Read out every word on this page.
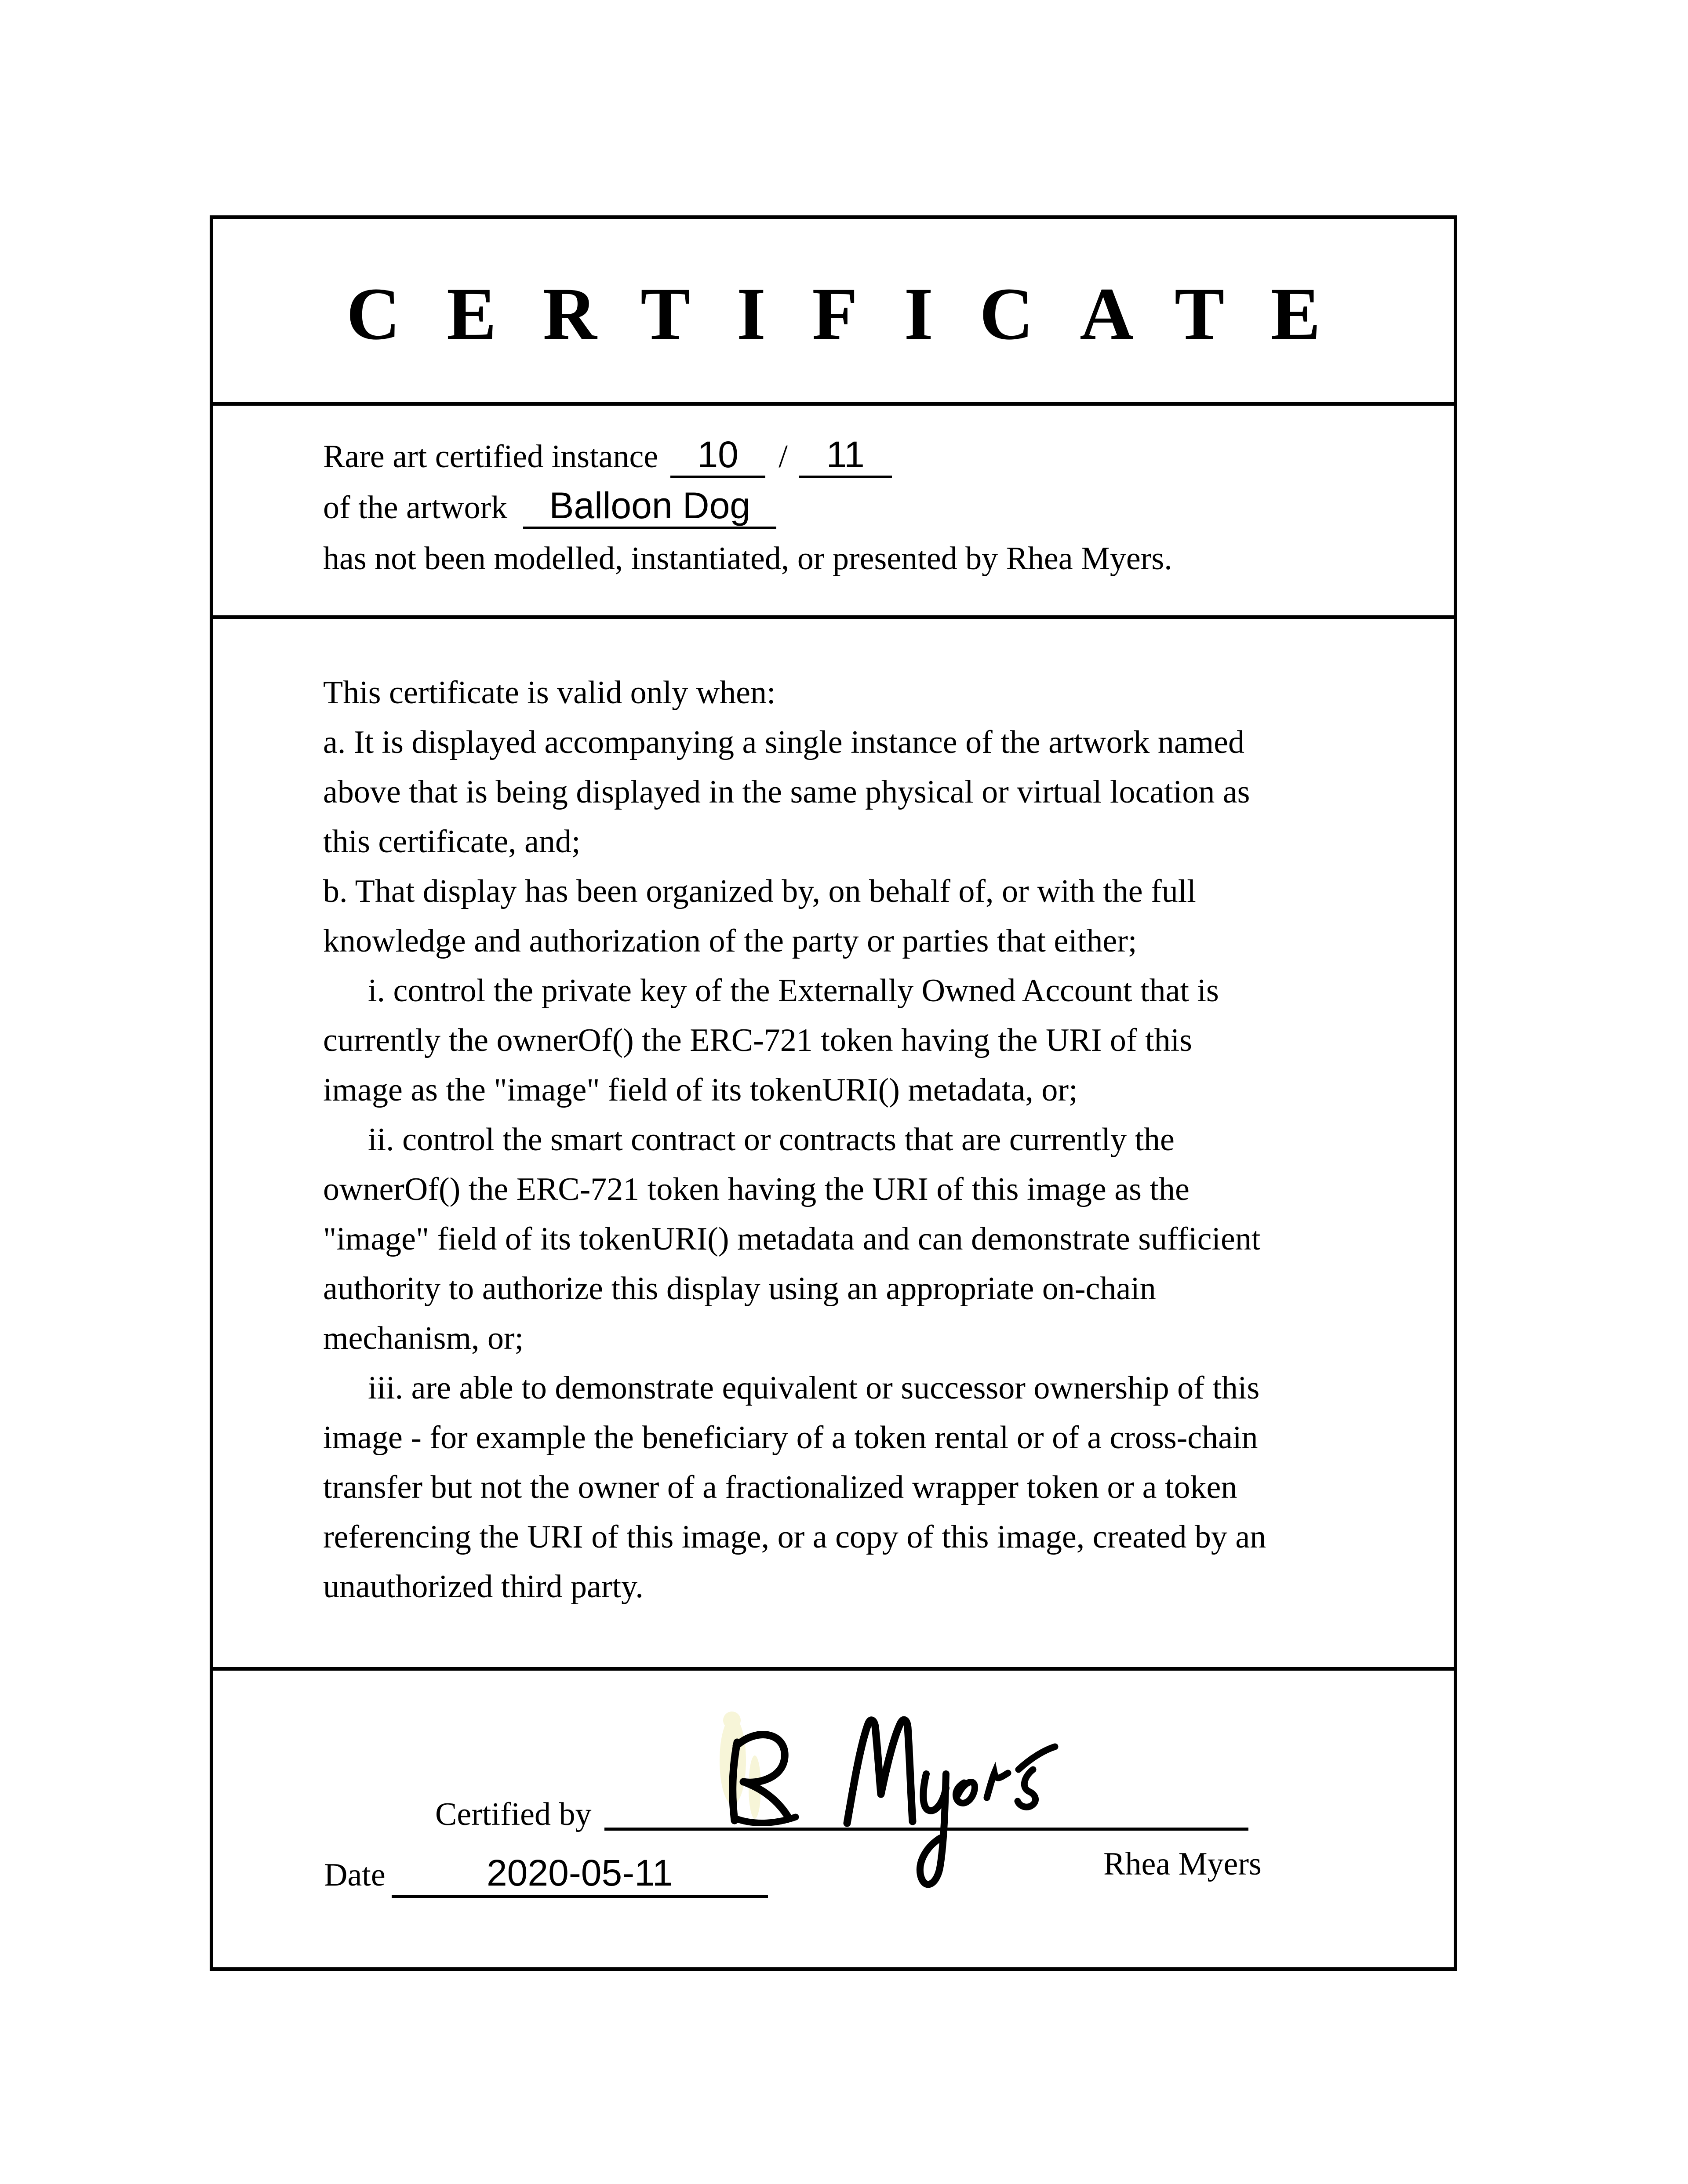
CERTIFICATE
Rare art certified instance 10 / 11
of the artwork Balloon Dog
has not been modelled, instantiated, or presented by Rhea Myers.
This certificate is valid only when:
a. It is displayed accompanying a single instance of the artwork named
above that is being displayed in the same physical or virtual location as
this certificate, and;
b. That display has been organized by, on behalf of, or with the full
knowledge and authorization of the party or parties that either;
i. control the private key of the Externally Owned Account that is
currently the ownerOf() the ERC-721 token having the URI of this
image as the "image" field of its tokenURI() metadata, or;
ii. control the smart contract or contracts that are currently the
ownerOf() the ERC-721 token having the URI of this image as the
"image" field of its tokenURI() metadata and can demonstrate sufficient
authority to authorize this display using an appropriate on-chain
mechanism, or;
iii. are able to demonstrate equivalent or successor ownership of this
image - for example the beneficiary of a token rental or of a cross-chain
transfer but not the owner of a fractionalized wrapper token or a token
referencing the URI of this image, or a copy of this image, created by an
unauthorized third party.
Certified by
Rhea Myers
Date	2020-05-11
